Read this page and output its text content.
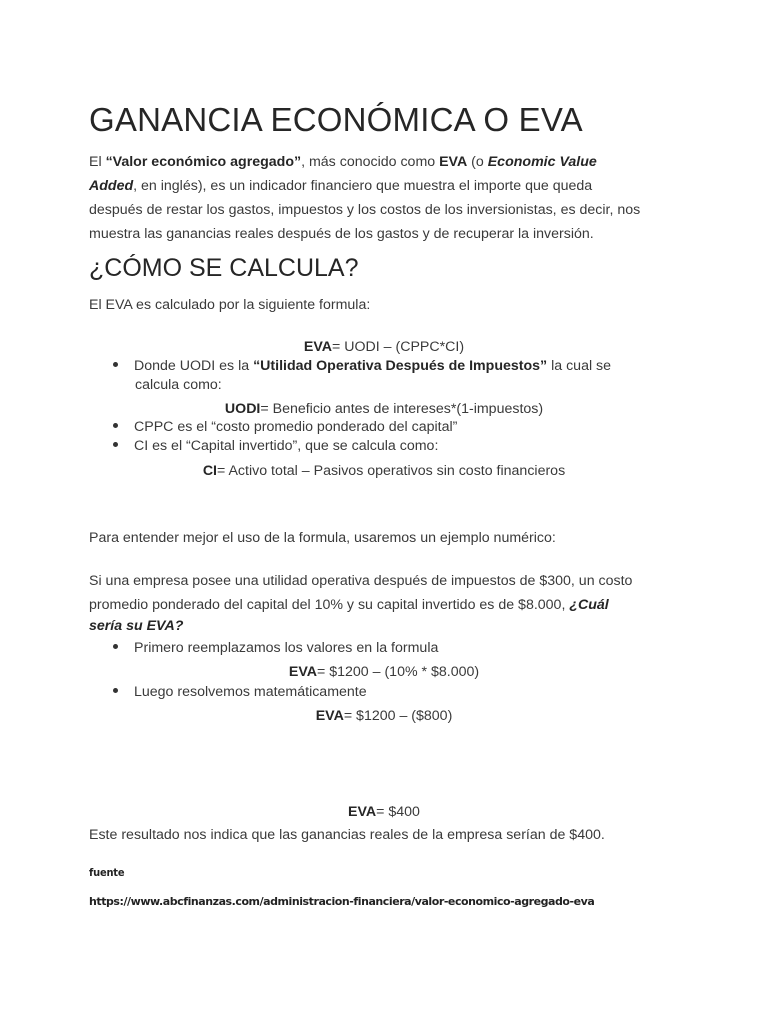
GANANCIA ECONÓMICA O EVA
El “Valor económico agregado”, más conocido como EVA (o Economic Value
Added, en inglés), es un indicador financiero que muestra el importe que queda
después de restar los gastos, impuestos y los costos de los inversionistas, es decir, nos
muestra las ganancias reales después de los gastos y de recuperar la inversión.
¿CÓMO SE CALCULA?
El EVA es calculado por la siguiente formula:
EVA= UODI – (CPPC*CI)
Donde UODI es la “Utilidad Operativa Después de Impuestos” la cual se
calcula como:
UODI= Beneficio antes de intereses*(1-impuestos)
CPPC es el “costo promedio ponderado del capital”
CI es el “Capital invertido”, que se calcula como:
CI= Activo total – Pasivos operativos sin costo financieros
Para entender mejor el uso de la formula, usaremos un ejemplo numérico:
Si una empresa posee una utilidad operativa después de impuestos de $300, un costo
promedio ponderado del capital del 10% y su capital invertido es de $8.000, ¿Cuál
sería su EVA?
Primero reemplazamos los valores en la formula
EVA= $1200 – (10% * $8.000)
Luego resolvemos matemáticamente
EVA= $1200 – ($800)
EVA= $400
Este resultado nos indica que las ganancias reales de la empresa serían de $400.
fuente
https://www.abcfinanzas.com/administracion-financiera/valor-economico-agregado-eva
